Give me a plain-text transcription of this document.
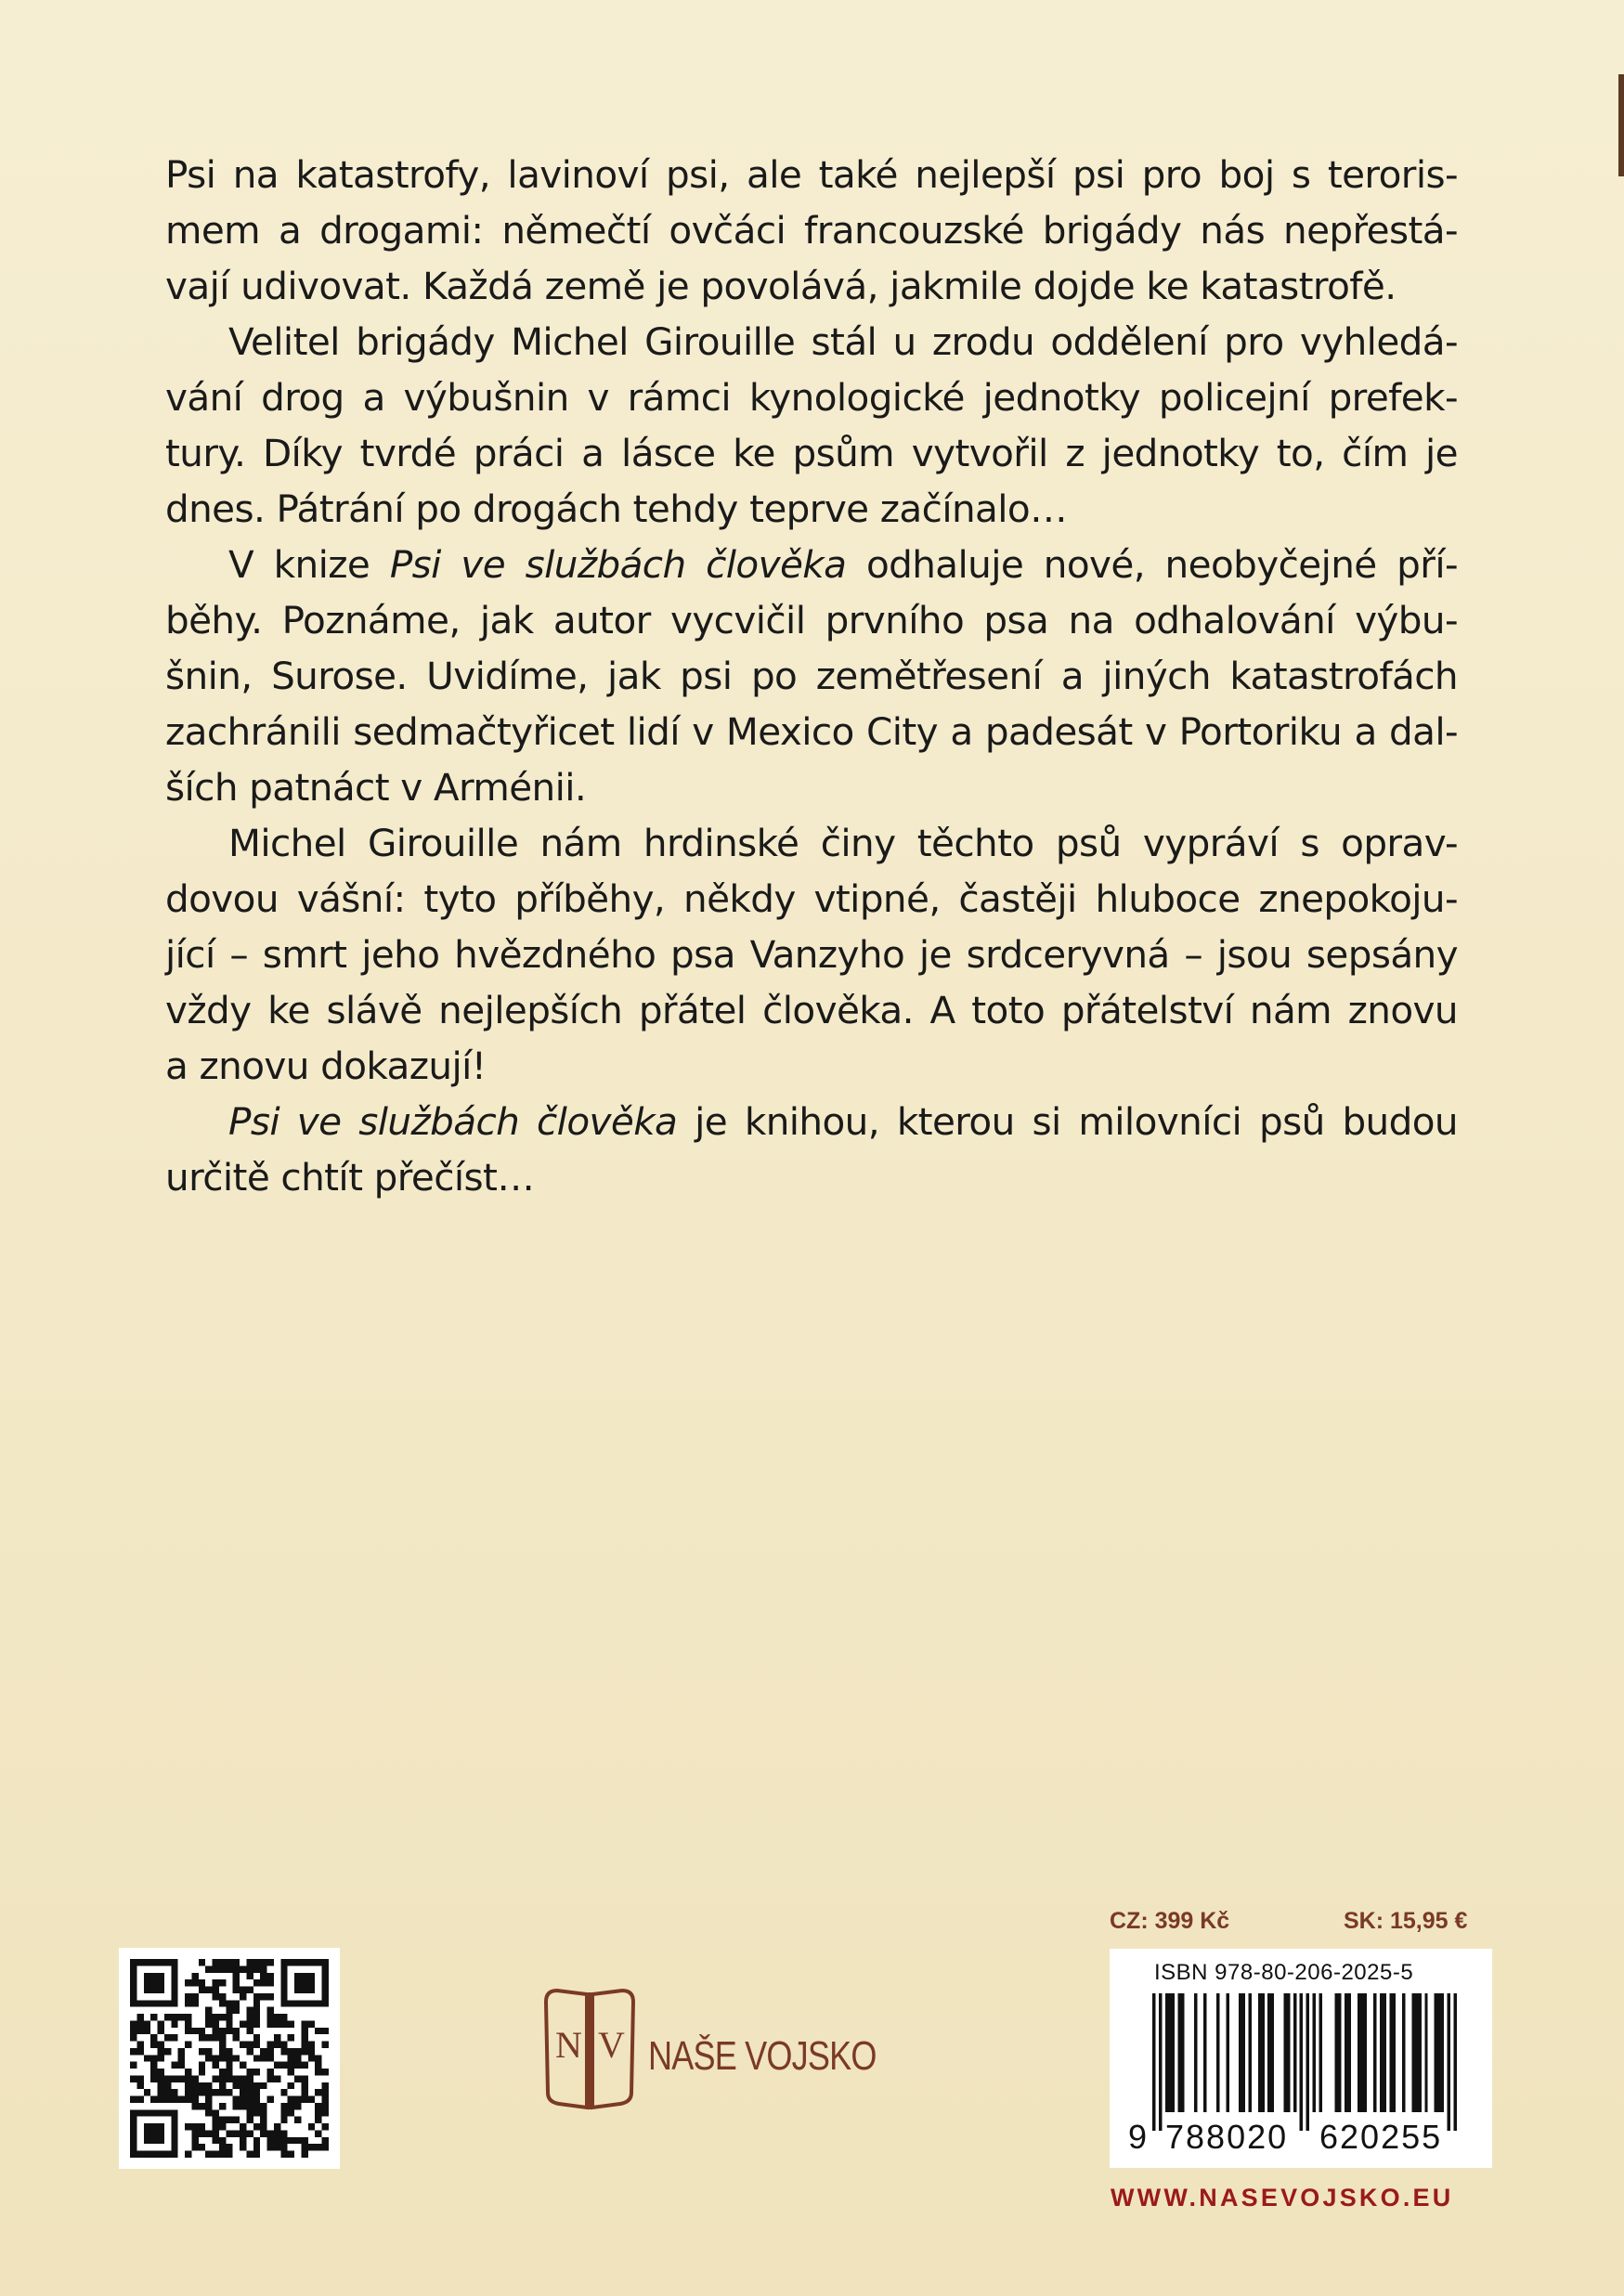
Psi na katastrofy, lavinoví psi, ale také nejlepší psi pro boj s teroris-
mem a drogami: němečtí ovčáci francouzské brigády nás nepřestá-
vají udivovat. Každá země je povolává, jakmile dojde ke katastrofě.
Velitel brigády Michel Girouille stál u zrodu oddělení pro vyhledá-
vání drog a výbušnin v rámci kynologické jednotky policejní prefek-
tury. Díky tvrdé práci a lásce ke psům vytvořil z jednotky to, čím je
dnes. Pátrání po drogách tehdy teprve začínalo…
V knize Psi ve službách člověka odhaluje nové, neobyčejné pří-
běhy. Poznáme, jak autor vycvičil prvního psa na odhalování výbu-
šnin, Surose. Uvidíme, jak psi po zemětřesení a jiných katastrofách
zachránili sedmačtyřicet lidí v Mexico City a padesát v Portoriku a dal-
ších patnáct v Arménii.
Michel Girouille nám hrdinské činy těchto psů vypráví s oprav-
dovou vášní: tyto příběhy, někdy vtipné, častěji hluboce znepokoju-
jící – smrt jeho hvězdného psa Vanzyho je srdceryvná – jsou sepsány
vždy ke slávě nejlepších přátel člověka. A toto přátelství nám znovu
a znovu dokazují!
Psi ve službách člověka je knihou, kterou si milovníci psů budou
určitě chtít přečíst…
N V NAŠE VOJSKO
CZ: 399 Kč	SK: 15,95 €
ISBN 978-80-206-2025-5
9 788020 620255
WWW.NASEVOJSKO.EU
